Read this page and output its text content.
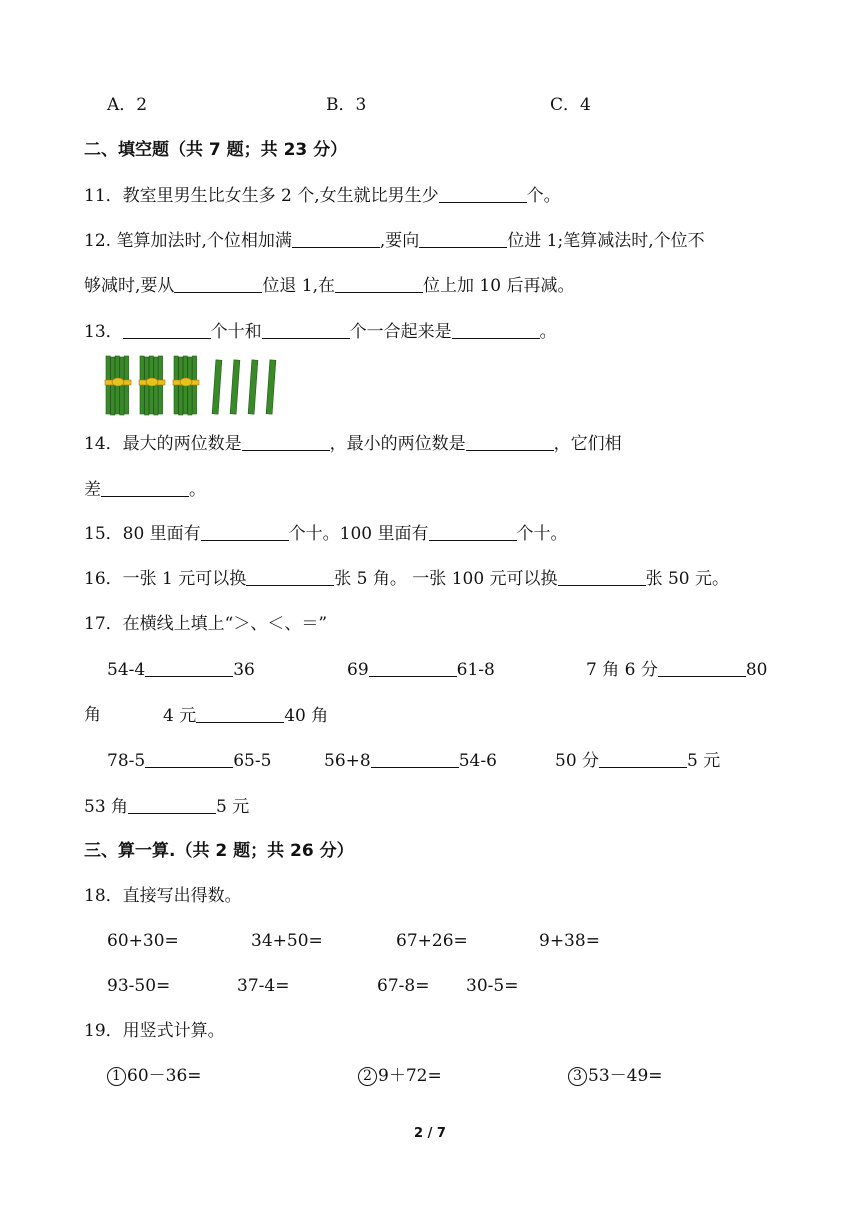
A．2	B．3	C．4
二、填空题（共 7 题；共 23 分）
11．教室里男生比女生多 2 个,女生就比男生少	个。
12. 笔算加法时,个位相加满	,要向	位进 1;笔算减法时,个位不
够减时,要从	位退 1,在	位上加 10 后再减。
13．	个十和	个一合起来是	。
14．最大的两位数是	，最小的两位数是	，它们相
差	。
15．80 里面有	个十。100 里面有	个十。
16．一张 1 元可以换	张 5 角。 一张 100 元可以换	张 50 元。
17．在横线上填上“＞、＜、＝”
54-4	36	69	61-8	7 角 6 分	80
角	4 元	40 角
78-5	65-5	56+8	54-6	50 分	5 元
53 角	5 元
三、算一算.（共 2 题；共 26 分）
18．直接写出得数。
60+30=	34+50=	67+26=	9+38=
93-50=	37-4=	67-8= 30-5=
19．用竖式计算。
1 60－36=	2 9＋72=	3 53－49=
2 / 7
